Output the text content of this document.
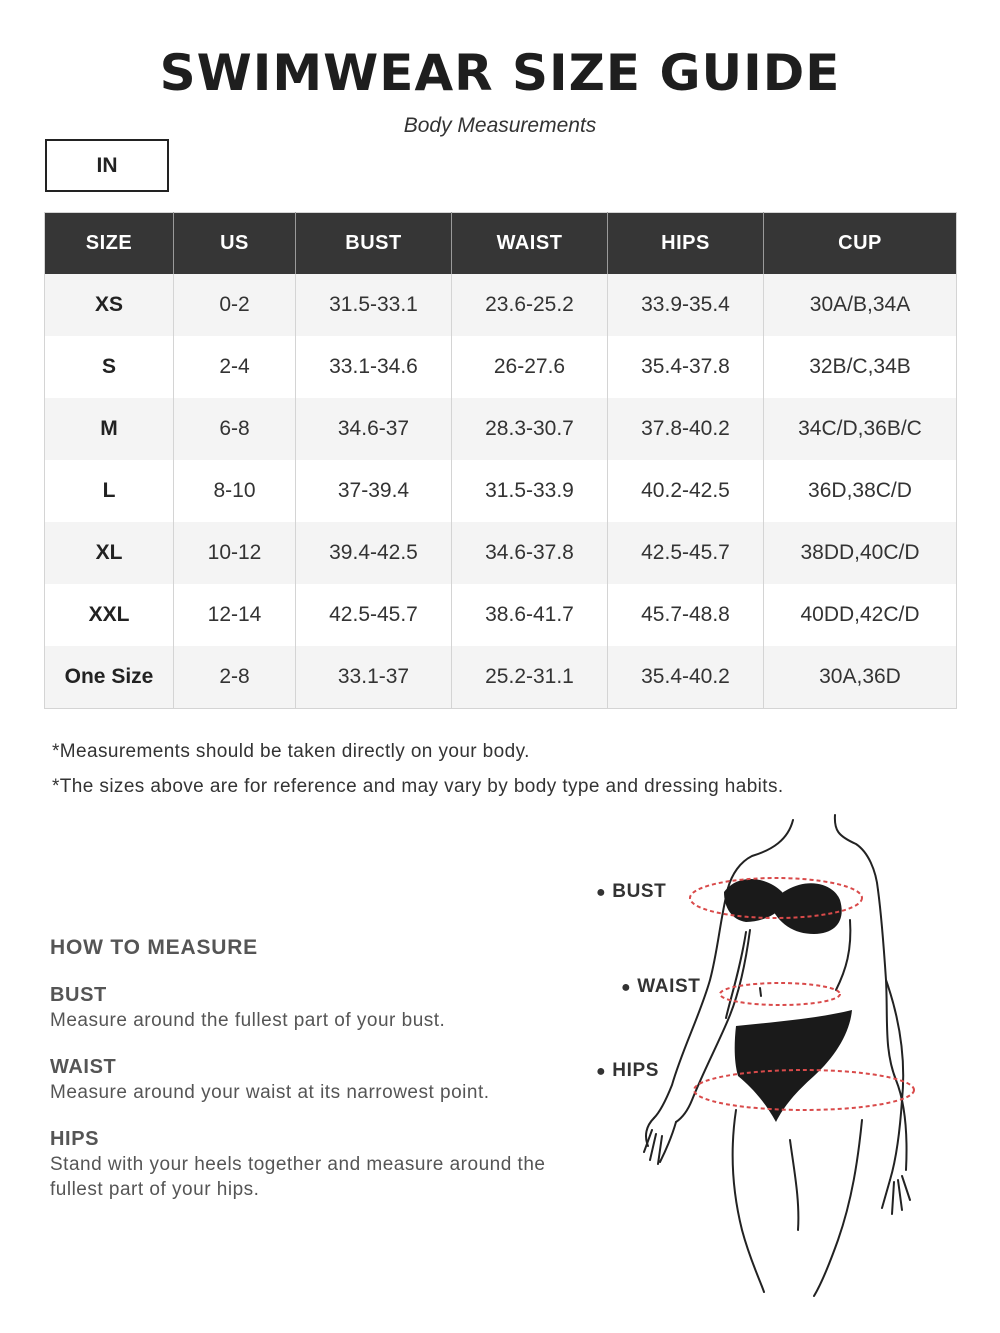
SWIMWEAR SIZE GUIDE
Body Measurements
IN
SIZE	US	BUST	WAIST	HIPS	CUP
XS	0-2	31.5-33.1	23.6-25.2	33.9-35.4	30A/B,34A
S	2-4	33.1-34.6	26-27.6	35.4-37.8	32B/C,34B
M	6-8	34.6-37	28.3-30.7	37.8-40.2	34C/D,36B/C
L	8-10	37-39.4	31.5-33.9	40.2-42.5	36D,38C/D
XL	10-12	39.4-42.5	34.6-37.8	42.5-45.7	38DD,40C/D
XXL	12-14	42.5-45.7	38.6-41.7	45.7-48.8	40DD,42C/D
One Size	2-8	33.1-37	25.2-31.1	35.4-40.2	30A,36D
*Measurements should be taken directly on your body.
*The sizes above are for reference and may vary by body type and dressing habits.
HOW TO MEASURE
BUST
Measure around the fullest part of your bust.
WAIST
Measure around your waist at its narrowest point.
HIPS
Stand with your heels together and measure around the fullest part of your hips.
● BUST
● WAIST
● HIPS
